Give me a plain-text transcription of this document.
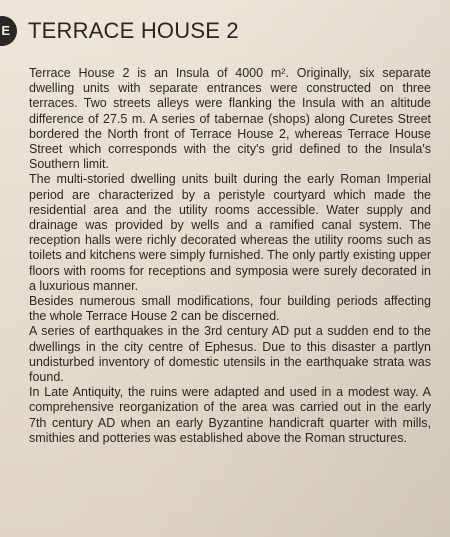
E TERRACE HOUSE 2

Terrace House 2 is an Insula of 4000 m². Originally, six separate dwelling units with separate entrances were constructed on three terraces. Two streets alleys were flanking the Insula with an altitude difference of 27.5 m. A series of tabernae (shops) along Curetes Street bordered the North front of Terrace House 2, whereas Terrace House Street which corresponds with the city's grid defined to the Insula's Southern limit.

The multi-storied dwelling units built during the early Roman Imperial period are characterized by a peristyle courtyard which made the residential area and the utility rooms accessible. Water supply and drainage was provided by wells and a ramified canal system. The reception halls were richly decorated whereas the utility rooms such as toilets and kitchens were simply furnished. The only partly existing upper floors with rooms for receptions and symposia were surely decorated in a luxurious manner.

Besides numerous small modifications, four building periods affecting the whole Terrace House 2 can be discerned.

A series of earthquakes in the 3rd century AD put a sudden end to the dwellings in the city centre of Ephesus. Due to this disaster a partlyn undisturbed inventory of domestic utensils in the earthquake strata was found.

In Late Antiquity, the ruins were adapted and used in a modest way. A comprehensive reorganization of the area was carried out in the early 7th century AD when an early Byzantine handicraft quarter with mills, smithies and potteries was established above the Roman structures.
